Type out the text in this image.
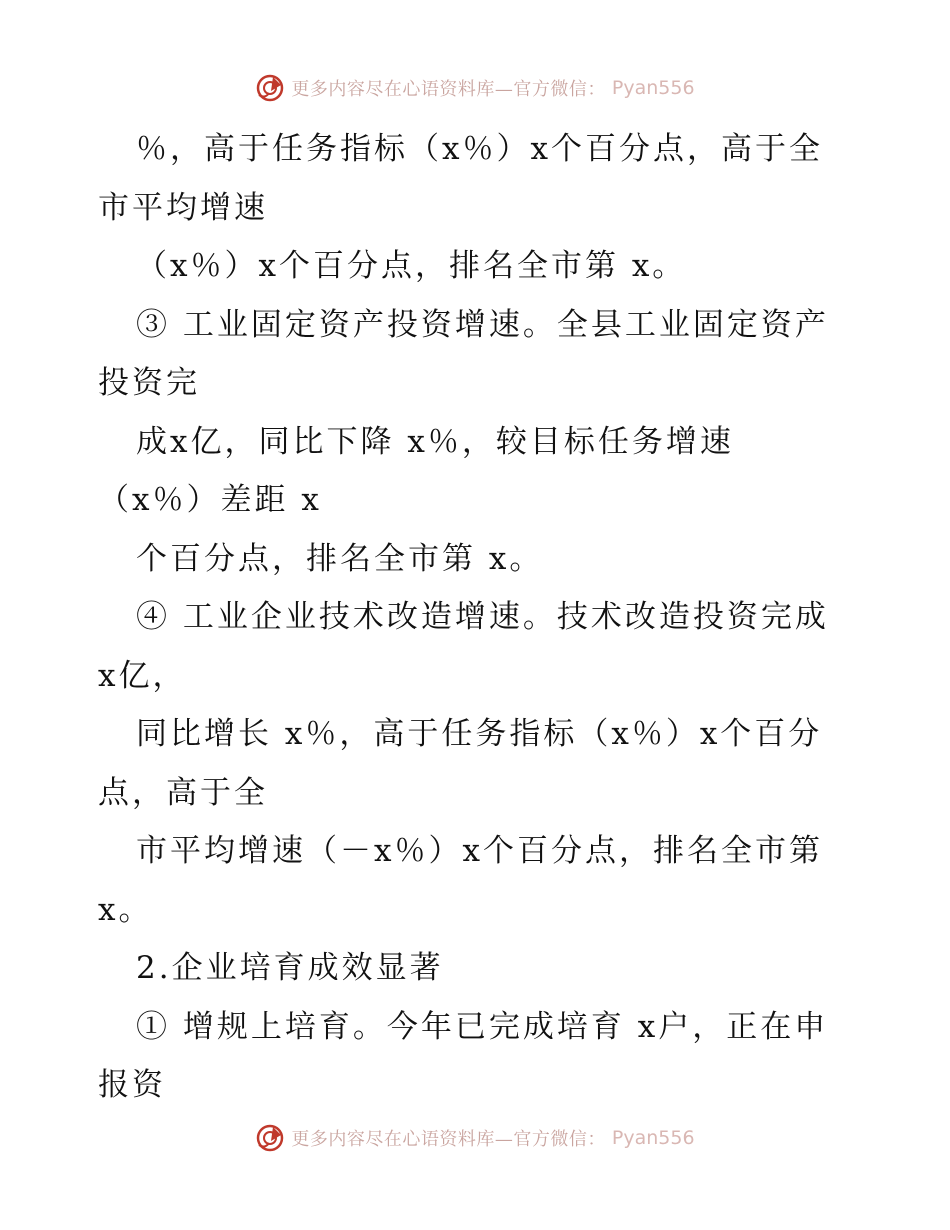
更多内容尽在心语资料库—官方微信： Pyan556
％，高于任务指标（x％）x个百分点，高于全
市平均增速
（x％）x个百分点，排名全市第 x。
③ 工业固定资产投资增速。全县工业固定资产
投资完
成x亿，同比下降 x％，较目标任务增速
（x％）差距 x
个百分点，排名全市第 x。
④ 工业企业技术改造增速。技术改造投资完成
x亿，
同比增长 x％，高于任务指标（x％）x个百分
点，高于全
市平均增速（－x％）x个百分点，排名全市第
x。
2.企业培育成效显著
① 增规上培育。今年已完成培育 x户，正在申
报资
更多内容尽在心语资料库—官方微信： Pyan556
